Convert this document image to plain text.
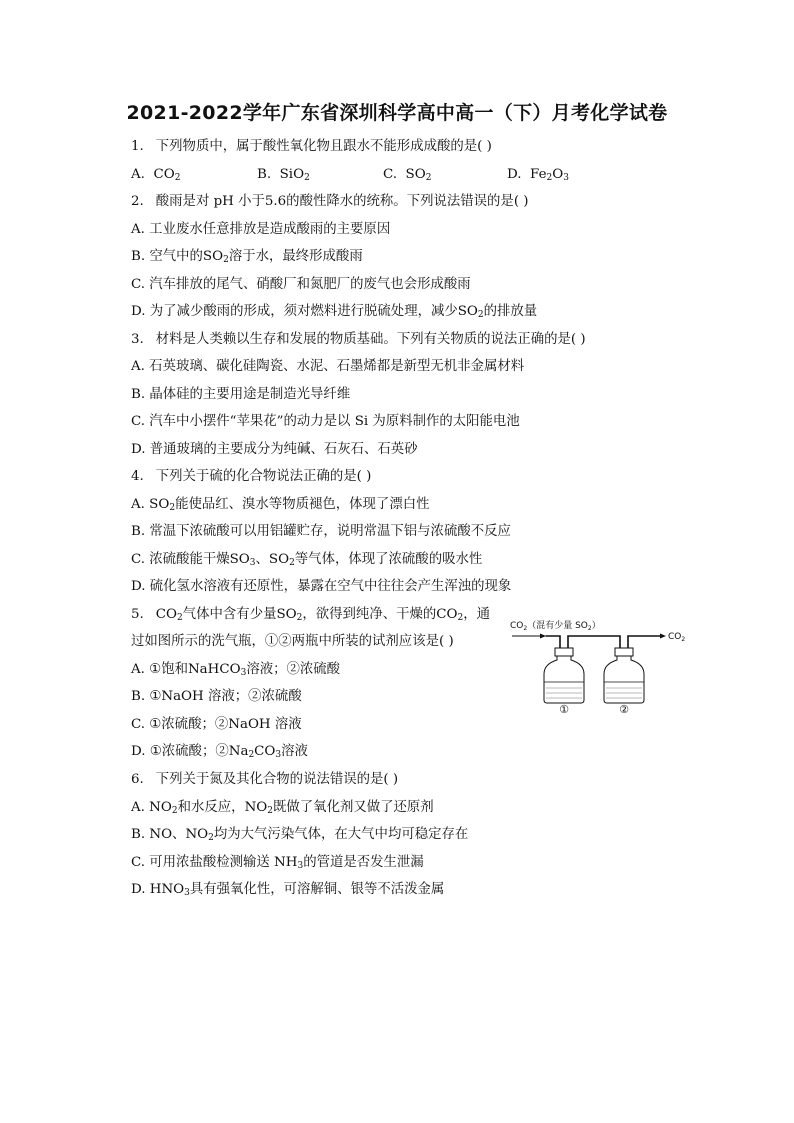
2021-2022学年广东省深圳科学高中高一（下）月考化学试卷
1. 下列物质中，属于酸性氧化物且跟水不能形成成酸的是( )
A. $CO_2$	B. SiO$_2$	C. $SO_2$	D. $Fe_2O_3$
2. 酸雨是对 pH 小于5.6的酸性降水的统称。下列说法错误的是( )
A. 工业废水任意排放是造成酸雨的主要原因
B. 空气中的$SO_2$溶于水，最终形成酸雨
C. 汽车排放的尾气、硝酸厂和氮肥厂的废气也会形成酸雨
D. 为了减少酸雨的形成，须对燃料进行脱硫处理，减少$SO_2$的排放量
3. 材料是人类赖以生存和发展的物质基础。下列有关物质的说法正确的是( )
A. 石英玻璃、碳化硅陶瓷、水泥、石墨烯都是新型无机非金属材料
B. 晶体硅的主要用途是制造光导纤维
C. 汽车中小摆件“苹果花”的动力是以 Si 为原料制作的太阳能电池
D. 普通玻璃的主要成分为纯碱、石灰石、石英砂
4. 下列关于硫的化合物说法正确的是( )
A. $SO_2$能使品红、溴水等物质褪色，体现了漂白性
B. 常温下浓硫酸可以用铝罐贮存，说明常温下铝与浓硫酸不反应
C. 浓硫酸能干燥$SO_3$、$SO_2$等气体，体现了浓硫酸的吸水性
D. 硫化氢水溶液有还原性，暴露在空气中往往会产生浑浊的现象
5. $CO_2$气体中含有少量$SO_2$，欲得到纯净、干燥的$CO_2$，通
过如图所示的洗气瓶，①②两瓶中所装的试剂应该是( )
A. ①饱和NaHCO$_3$溶液；②浓硫酸
B. ①NaOH 溶液；②浓硫酸
C. ①浓硫酸；②NaOH 溶液
D. ①浓硫酸；$②Na_2CO_3$溶液
$CO_2$（混有少量 $SO_2$）
$CO_2$
①	②
6. 下列关于氮及其化合物的说法错误的是( )
A. $NO_2$和水反应，$NO_2$既做了氧化剂又做了还原剂
B. NO、$NO_2$均为大气污染气体，在大气中均可稳定存在
C. 可用浓盐酸检测输送 $NH_3$的管道是否发生泄漏
D. $HNO_3$具有强氧化性，可溶解铜、银等不活泼金属
